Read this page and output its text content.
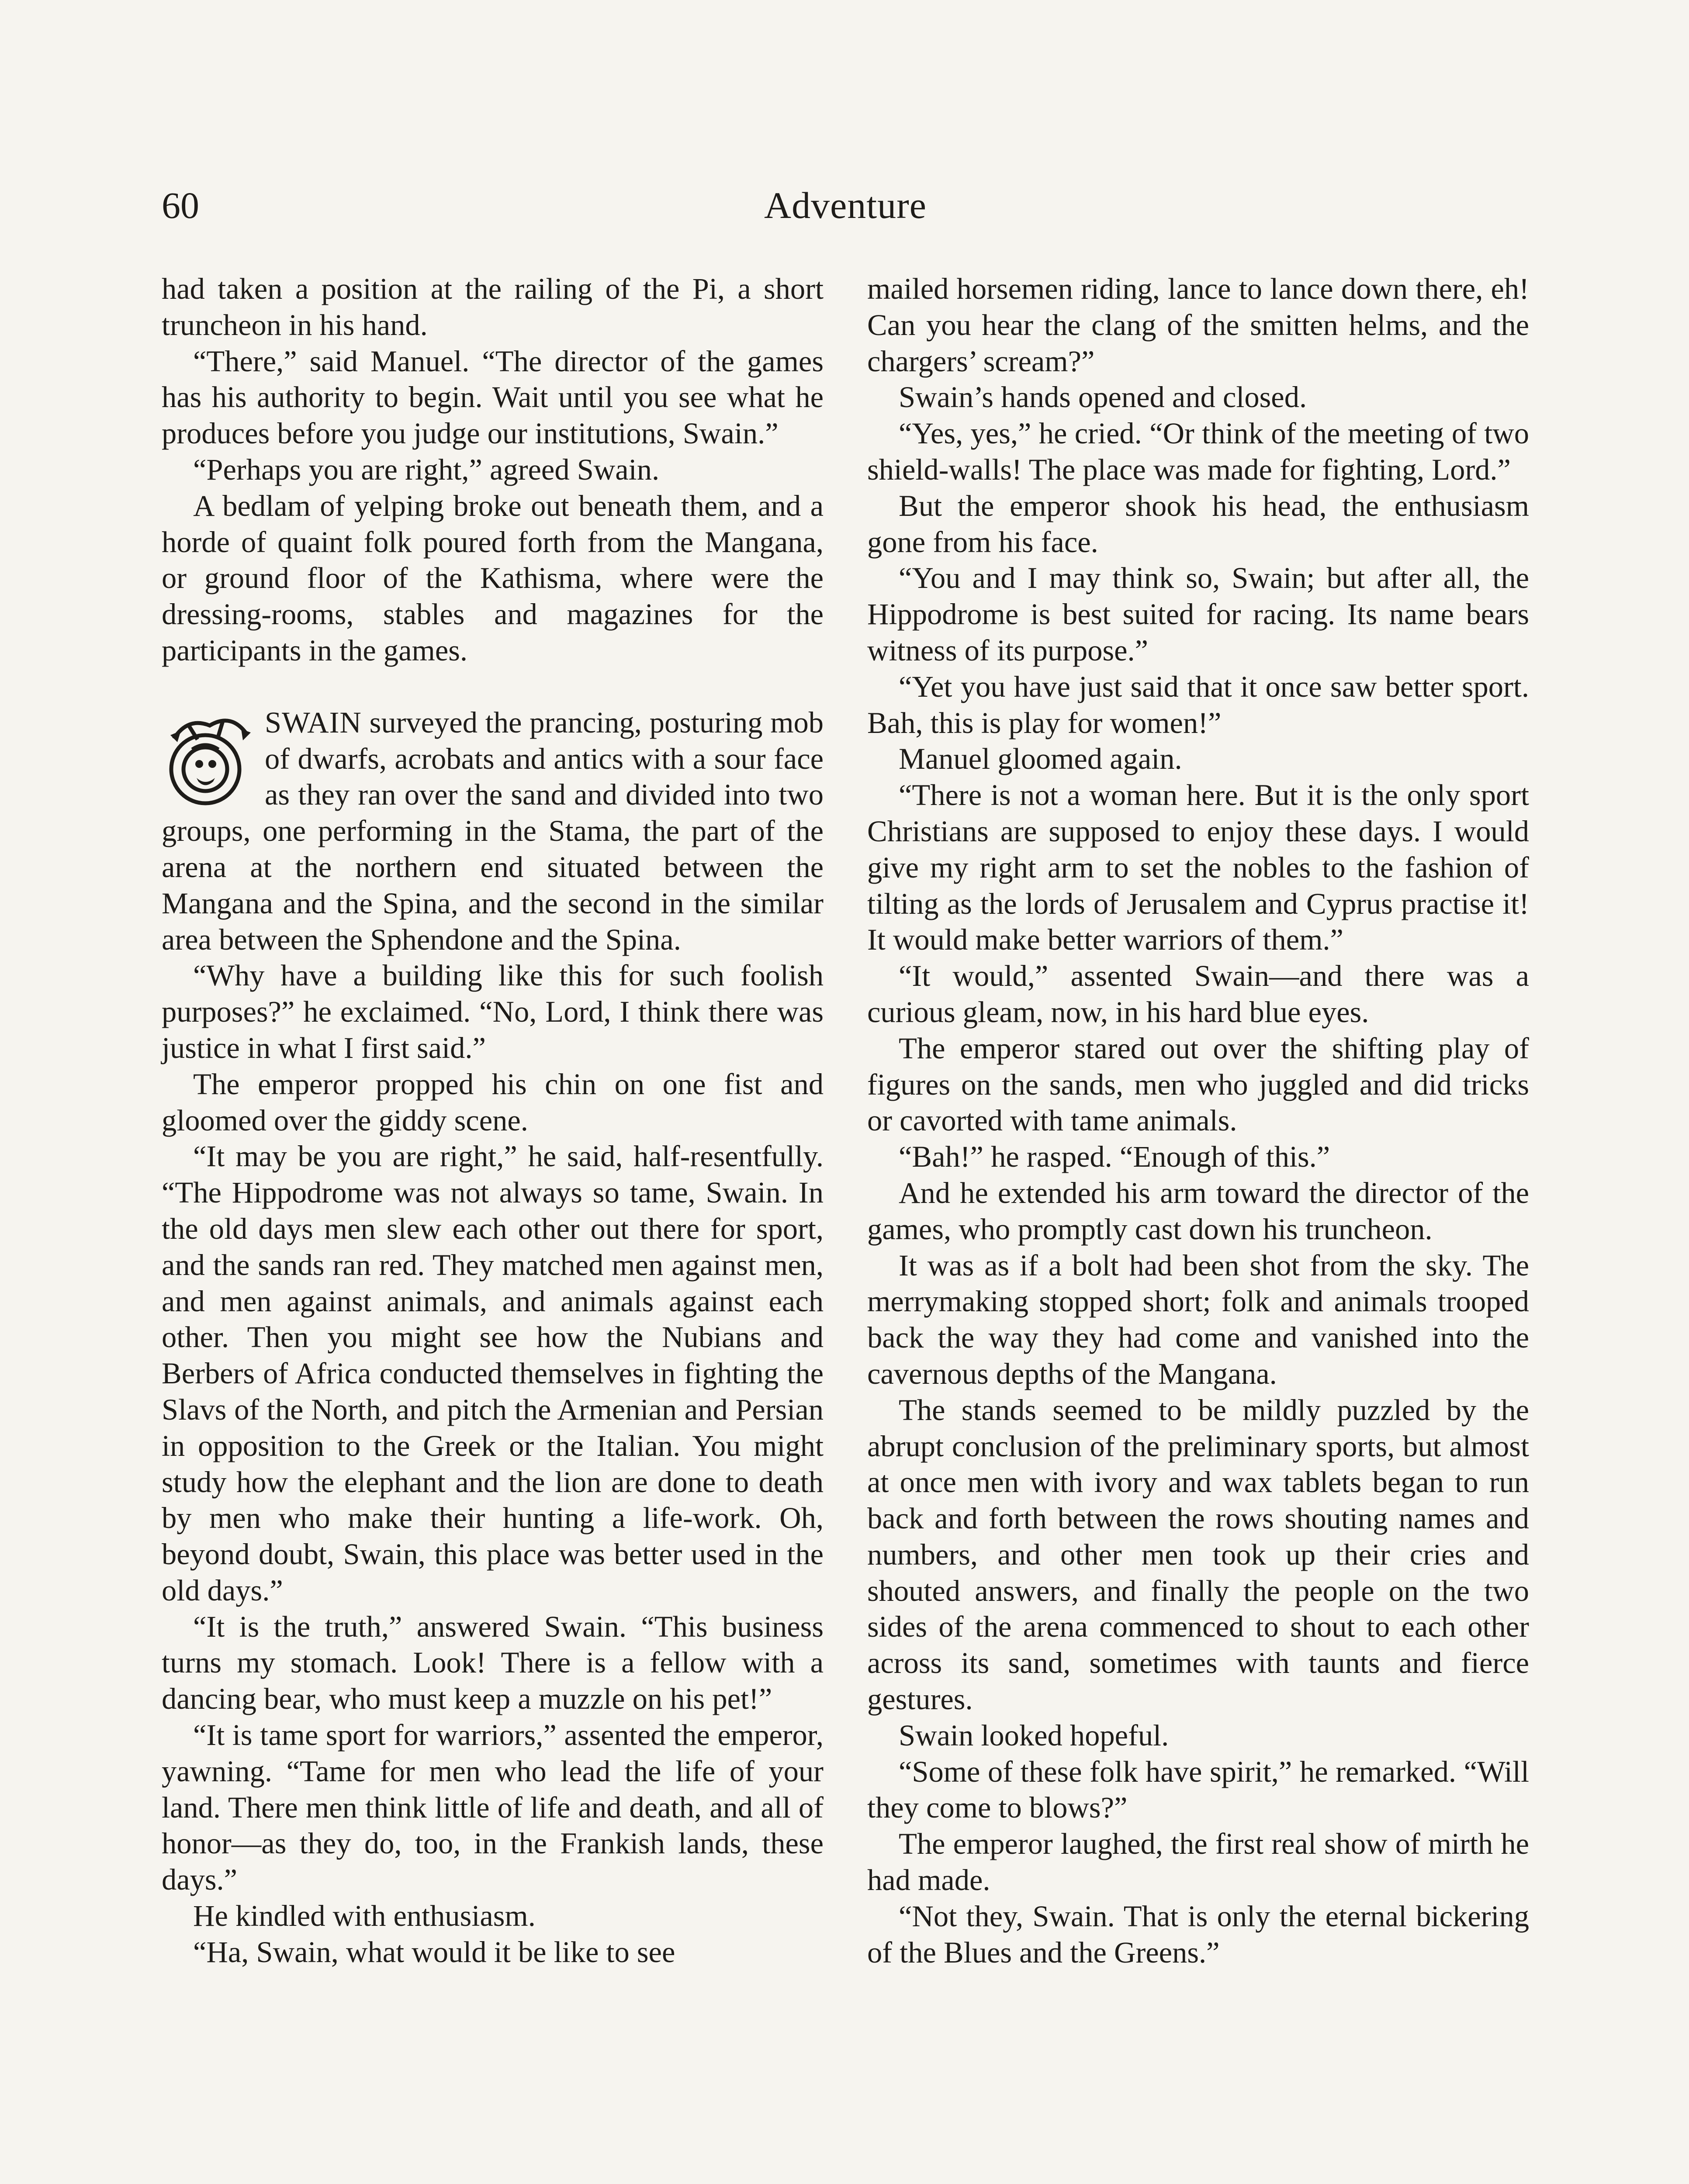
60	Adventure

had taken a position at the railing of the Pi, a short truncheon in his hand.

“There,” said Manuel. “The director of the games has his authority to begin. Wait until you see what he produces before you judge our institutions, Swain.”

“Perhaps you are right,” agreed Swain.

A bedlam of yelping broke out beneath them, and a horde of quaint folk poured forth from the Mangana, or ground floor of the Kathisma, where were the dressing-rooms, stables and magazines for the participants in the games.

SWAIN surveyed the prancing, posturing mob of dwarfs, acrobats and antics with a sour face as they ran over the sand and divided into two groups, one performing in the Stama, the part of the arena at the northern end situated between the Mangana and the Spina, and the second in the similar area between the Sphendone and the Spina.

“Why have a building like this for such foolish purposes?” he exclaimed. “No, Lord, I think there was justice in what I first said.”

The emperor propped his chin on one fist and gloomed over the giddy scene.

“It may be you are right,” he said, half-resentfully. “The Hippodrome was not always so tame, Swain. In the old days men slew each other out there for sport, and the sands ran red. They matched men against men, and men against animals, and animals against each other. Then you might see how the Nubians and Berbers of Africa conducted themselves in fighting the Slavs of the North, and pitch the Armenian and Persian in opposition to the Greek or the Italian. You might study how the elephant and the lion are done to death by men who make their hunting a life-work. Oh, beyond doubt, Swain, this place was better used in the old days.”

“It is the truth,” answered Swain. “This business turns my stomach. Look! There is a fellow with a dancing bear, who must keep a muzzle on his pet!”

“It is tame sport for warriors,” assented the emperor, yawning. “Tame for men who lead the life of your land. There men think little of life and death, and all of honor—as they do, too, in the Frankish lands, these days.”

He kindled with enthusiasm.

“Ha, Swain, what would it be like to see

mailed horsemen riding, lance to lance down there, eh! Can you hear the clang of the smitten helms, and the chargers’ scream?”

Swain’s hands opened and closed.

“Yes, yes,” he cried. “Or think of the meeting of two shield-walls! The place was made for fighting, Lord.”

But the emperor shook his head, the enthusiasm gone from his face.

“You and I may think so, Swain; but after all, the Hippodrome is best suited for racing. Its name bears witness of its purpose.”

“Yet you have just said that it once saw better sport. Bah, this is play for women!”

Manuel gloomed again.

“There is not a woman here. But it is the only sport Christians are supposed to enjoy these days. I would give my right arm to set the nobles to the fashion of tilting as the lords of Jerusalem and Cyprus practise it! It would make better warriors of them.”

“It would,” assented Swain—and there was a curious gleam, now, in his hard blue eyes.

The emperor stared out over the shifting play of figures on the sands, men who juggled and did tricks or cavorted with tame animals.

“Bah!” he rasped. “Enough of this.”

And he extended his arm toward the director of the games, who promptly cast down his truncheon.

It was as if a bolt had been shot from the sky. The merrymaking stopped short; folk and animals trooped back the way they had come and vanished into the cavernous depths of the Mangana.

The stands seemed to be mildly puzzled by the abrupt conclusion of the preliminary sports, but almost at once men with ivory and wax tablets began to run back and forth between the rows shouting names and numbers, and other men took up their cries and shouted answers, and finally the people on the two sides of the arena commenced to shout to each other across its sand, sometimes with taunts and fierce gestures.

Swain looked hopeful.

“Some of these folk have spirit,” he remarked. “Will they come to blows?”

The emperor laughed, the first real show of mirth he had made.

“Not they, Swain. That is only the eternal bickering of the Blues and the Greens.”
